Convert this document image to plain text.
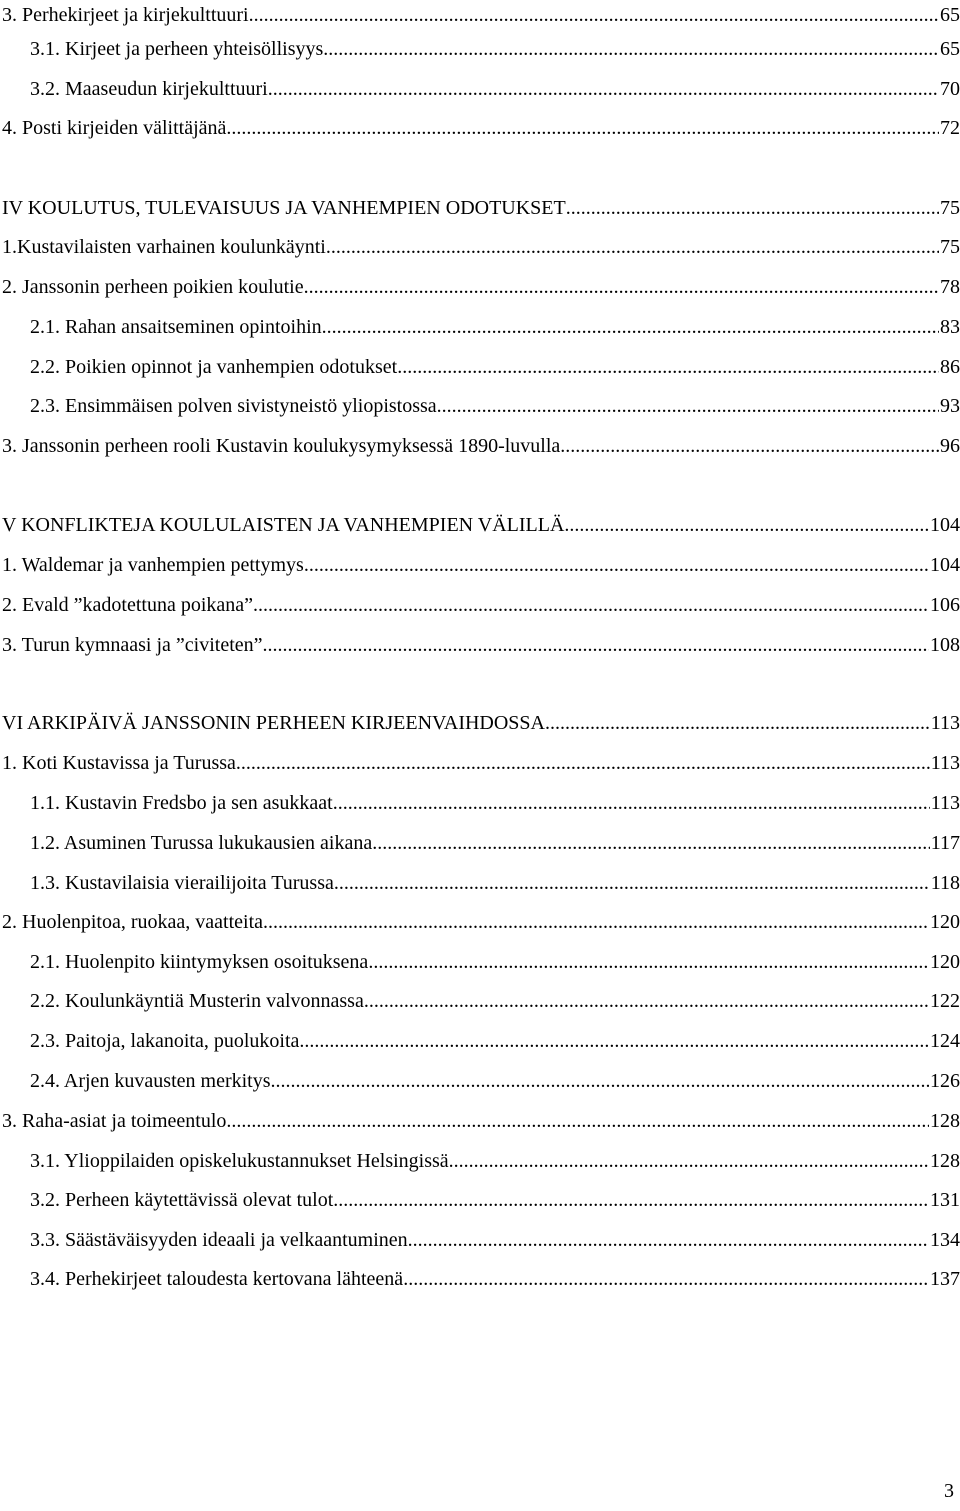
3. Perhekirjeet ja kirjekulttuuri .....	65
3.1. Kirjeet ja perheen yhteisöllisyys .....	65
3.2. Maaseudun kirjekulttuuri .....	70
4. Posti kirjeiden välittäjänä .....	72
IV KOULUTUS, TULEVAISUUS JA VANHEMPIEN ODOTUKSET .....	75
1.Kustavilaisten varhainen koulunkäynti .....	75
2. Janssonin perheen poikien koulutie .....	78
2.1. Rahan ansaitseminen opintoihin .....	83
2.2. Poikien opinnot ja vanhempien odotukset .....	86
2.3. Ensimmäisen polven sivistyneistö yliopistossa .....	93
3. Janssonin perheen rooli Kustavin koulukysymyksessä 1890-luvulla .....	96
V KONFLIKTEJA KOULULAISTEN JA VANHEMPIEN VÄLILLÄ .....	104
1. Waldemar ja vanhempien pettymys .....	104
2. Evald ”kadotettuna poikana” .....	106
3. Turun kymnaasi ja ”civiteten” .....	108
VI ARKIPÄIVÄ JANSSONIN PERHEEN KIRJEENVAIHDOSSA .....	113
1. Koti Kustavissa ja Turussa .....	113
1.1. Kustavin Fredsbo ja sen asukkaat .....	113
1.2. Asuminen Turussa lukukausien aikana .....	117
1.3. Kustavilaisia vierailijoita Turussa .....	118
2. Huolenpitoa, ruokaa, vaatteita .....	120
2.1. Huolenpito kiintymyksen osoituksena .....	120
2.2. Koulunkäyntiä Musterin valvonnassa .....	122
2.3. Paitoja, lakanoita, puolukoita .....	124
2.4. Arjen kuvausten merkitys .....	126
3. Raha-asiat ja toimeentulo .....	128
3.1. Ylioppilaiden opiskelukustannukset Helsingissä .....	128
3.2. Perheen käytettävissä olevat tulot .....	131
3.3. Säästäväisyyden ideaali ja velkaantuminen .....	134
3.4. Perhekirjeet taloudesta kertovana lähteenä .....	137
3
